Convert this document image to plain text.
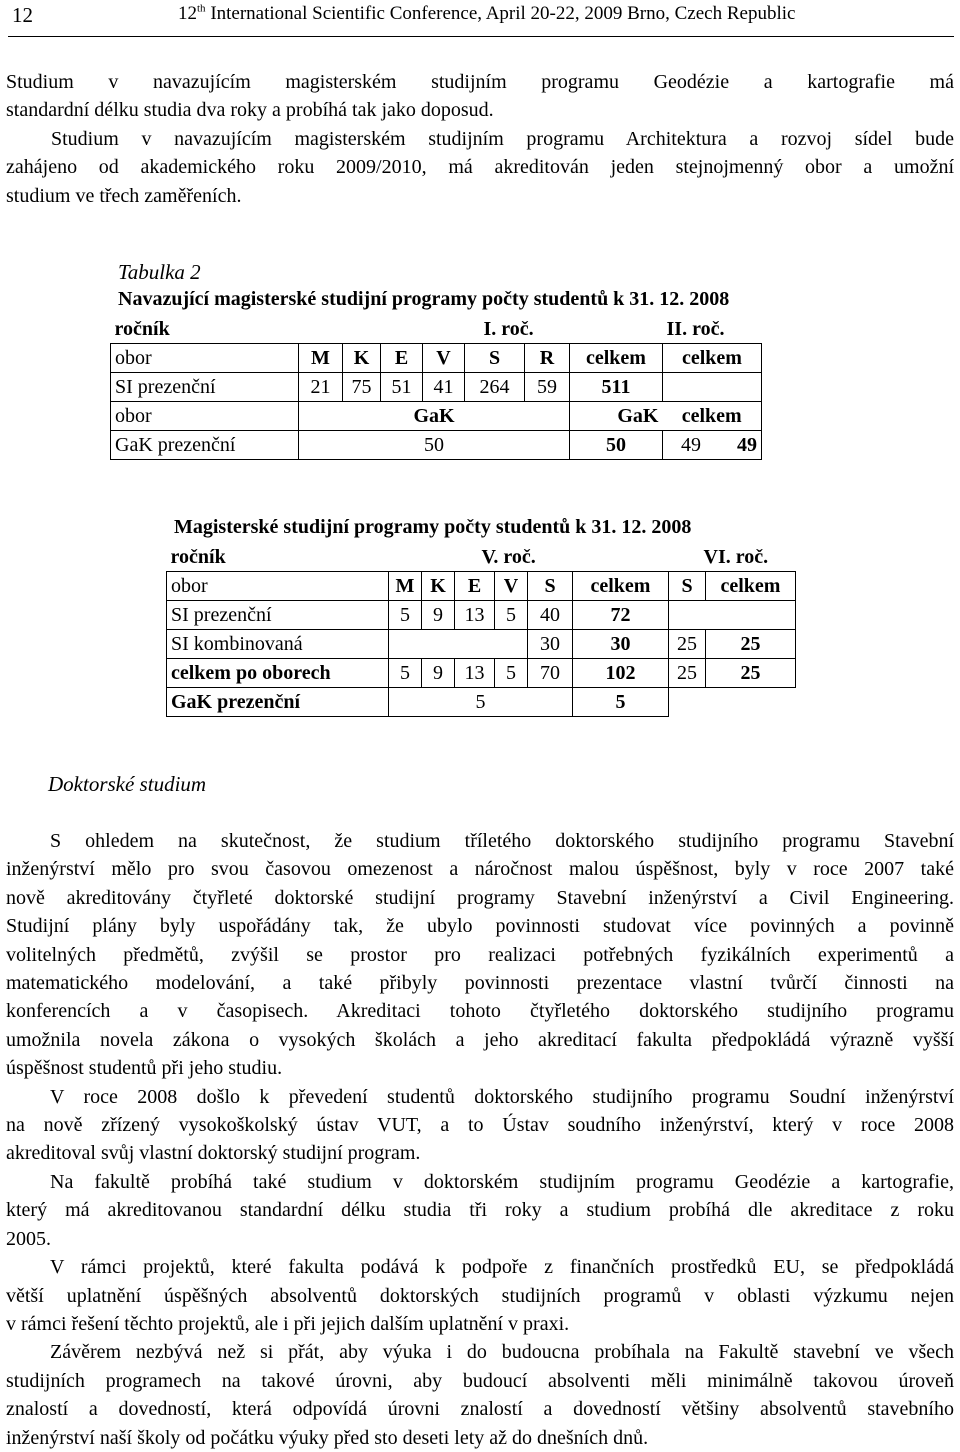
12	12th International Scientific Conference, April 20-22, 2009 Brno, Czech Republic
Studium v navazujícím magisterském studijním programu Geodézie a kartografie má
standardní délku studia dva roky a probíhá tak jako doposud.
Studium v navazujícím magisterském studijním programu Architektura a rozvoj sídel bude
zahájeno od akademického roku 2009/2010, má akreditován jeden stejnojmenný obor a umožní
studium ve třech zaměřeních.
Tabulka 2
Navazující magisterské studijní programy počty studentů k 31. 12. 2008
ročník	I. roč.							II. roč.
obor	M	K	E	V	S	R	celkem	celkem
SI prezenční	21	75	51	41	264	59	511	
obor	GaK						GaK	celkem
GaK prezenční	50						50	49 49
Magisterské studijní programy počty studentů k 31. 12. 2008
ročník	V. roč.						VI. roč.	
obor	M	K	E	V	S	celkem	S	celkem
SI prezenční	5	9	13	5	40	72		
SI kombinovaná					30	30	25	25
celkem po oborech	5	9	13	5	70	102	25	25
GaK prezenční	5					5		
Doktorské studium
S ohledem na skutečnost, že studium tříletého doktorského studijního programu Stavební
inženýrství mělo pro svou časovou omezenost a náročnost malou úspěšnost, byly v roce 2007 také
nově akreditovány čtyřleté doktorské studijní programy Stavební inženýrství a Civil Engineering.
Studijní plány byly uspořádány tak, že ubylo povinnosti studovat více povinných a povinně
volitelných předmětů, zvýšil se prostor pro realizaci potřebných fyzikálních experimentů a
matematického modelování, a také přibyly povinnosti prezentace vlastní tvůrčí činnosti na
konferencích a v časopisech. Akreditaci tohoto čtyřletého doktorského studijního programu
umožnila novela zákona o vysokých školách a jeho akreditací fakulta předpokládá výrazně vyšší
úspěšnost studentů při jeho studiu.
V roce 2008 došlo k převedení studentů doktorského studijního programu Soudní inženýrství
na nově zřízený vysokoškolský ústav VUT, a to Ústav soudního inženýrství, který v roce 2008
akreditoval svůj vlastní doktorský studijní program.
Na fakultě probíhá také studium v doktorském studijním programu Geodézie a kartografie,
který má akreditovanou standardní délku studia tři roky a studium probíhá dle akreditace z roku
2005.
V rámci projektů, které fakulta podává k podpoře z finančních prostředků EU, se předpokládá
větší uplatnění úspěšných absolventů doktorských studijních programů v oblasti výzkumu nejen
v rámci řešení těchto projektů, ale i při jejich dalším uplatnění v praxi.
Závěrem nezbývá než si přát, aby výuka i do budoucna probíhala na Fakultě stavební ve všech
studijních programech na takové úrovni, aby budoucí absolventi měli minimálně takovou úroveň
znalostí a dovedností, která odpovídá úrovni znalostí a dovedností většiny absolventů stavebního
inženýrství naší školy od počátku výuky před sto deseti lety až do dnešních dnů.
